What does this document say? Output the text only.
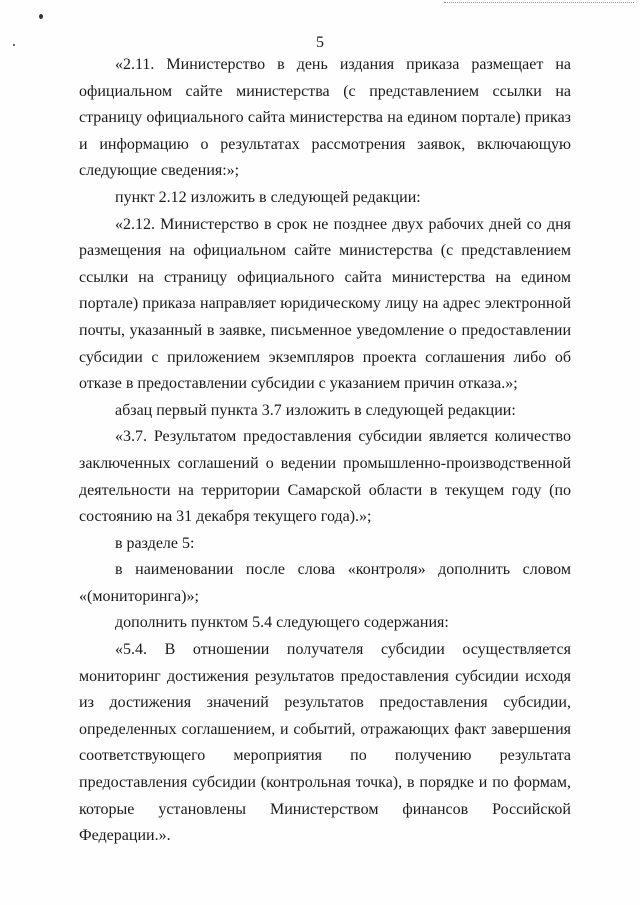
5

«2.11. Министерство в день издания приказа размещает на официальном сайте министерства (с представлением ссылки на страницу официального сайта министерства на едином портале) приказ и информацию о результатах рассмотрения заявок, включающую следующие сведения:»;

пункт 2.12 изложить в следующей редакции:

«2.12. Министерство в срок не позднее двух рабочих дней со дня размещения на официальном сайте министерства (с представлением ссылки на страницу официального сайта министерства на едином портале) приказа направляет юридическому лицу на адрес электронной почты, указанный в заявке, письменное уведомление о предоставлении субсидии с приложением экземпляров проекта соглашения либо об отказе в предоставлении субсидии с указанием причин отказа.»;

абзац первый пункта 3.7 изложить в следующей редакции:

«3.7. Результатом предоставления субсидии является количество заключенных соглашений о ведении промышленно-производственной деятельности на территории Самарской области в текущем году (по состоянию на 31 декабря текущего года).»;

в разделе 5:

в наименовании после слова «контроля» дополнить словом «(мониторинга)»;

дополнить пунктом 5.4 следующего содержания:

«5.4. В отношении получателя субсидии осуществляется мониторинг достижения результатов предоставления субсидии исходя из достижения значений результатов предоставления субсидии, определенных соглашением, и событий, отражающих факт завершения соответствующего мероприятия по получению результата предоставления субсидии (контрольная точка), в порядке и по формам, которые установлены Министерством финансов Российской Федерации.».
